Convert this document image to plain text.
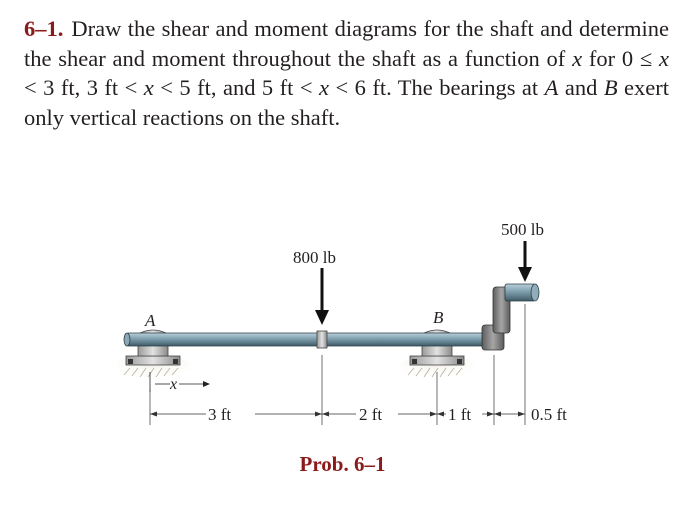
6–1. Draw the shear and moment diagrams for the shaft and determine the shear and moment throughout the shaft as a function of x for 0 ≤ x < 3 ft, 3 ft < x < 5 ft, and 5 ft < x < 6 ft. The bearings at A and B exert only vertical reactions on the shaft.
800 lb
500 lb
A	B
x
3 ft	2 ft	1 ft	0.5 ft
Prob. 6–1
